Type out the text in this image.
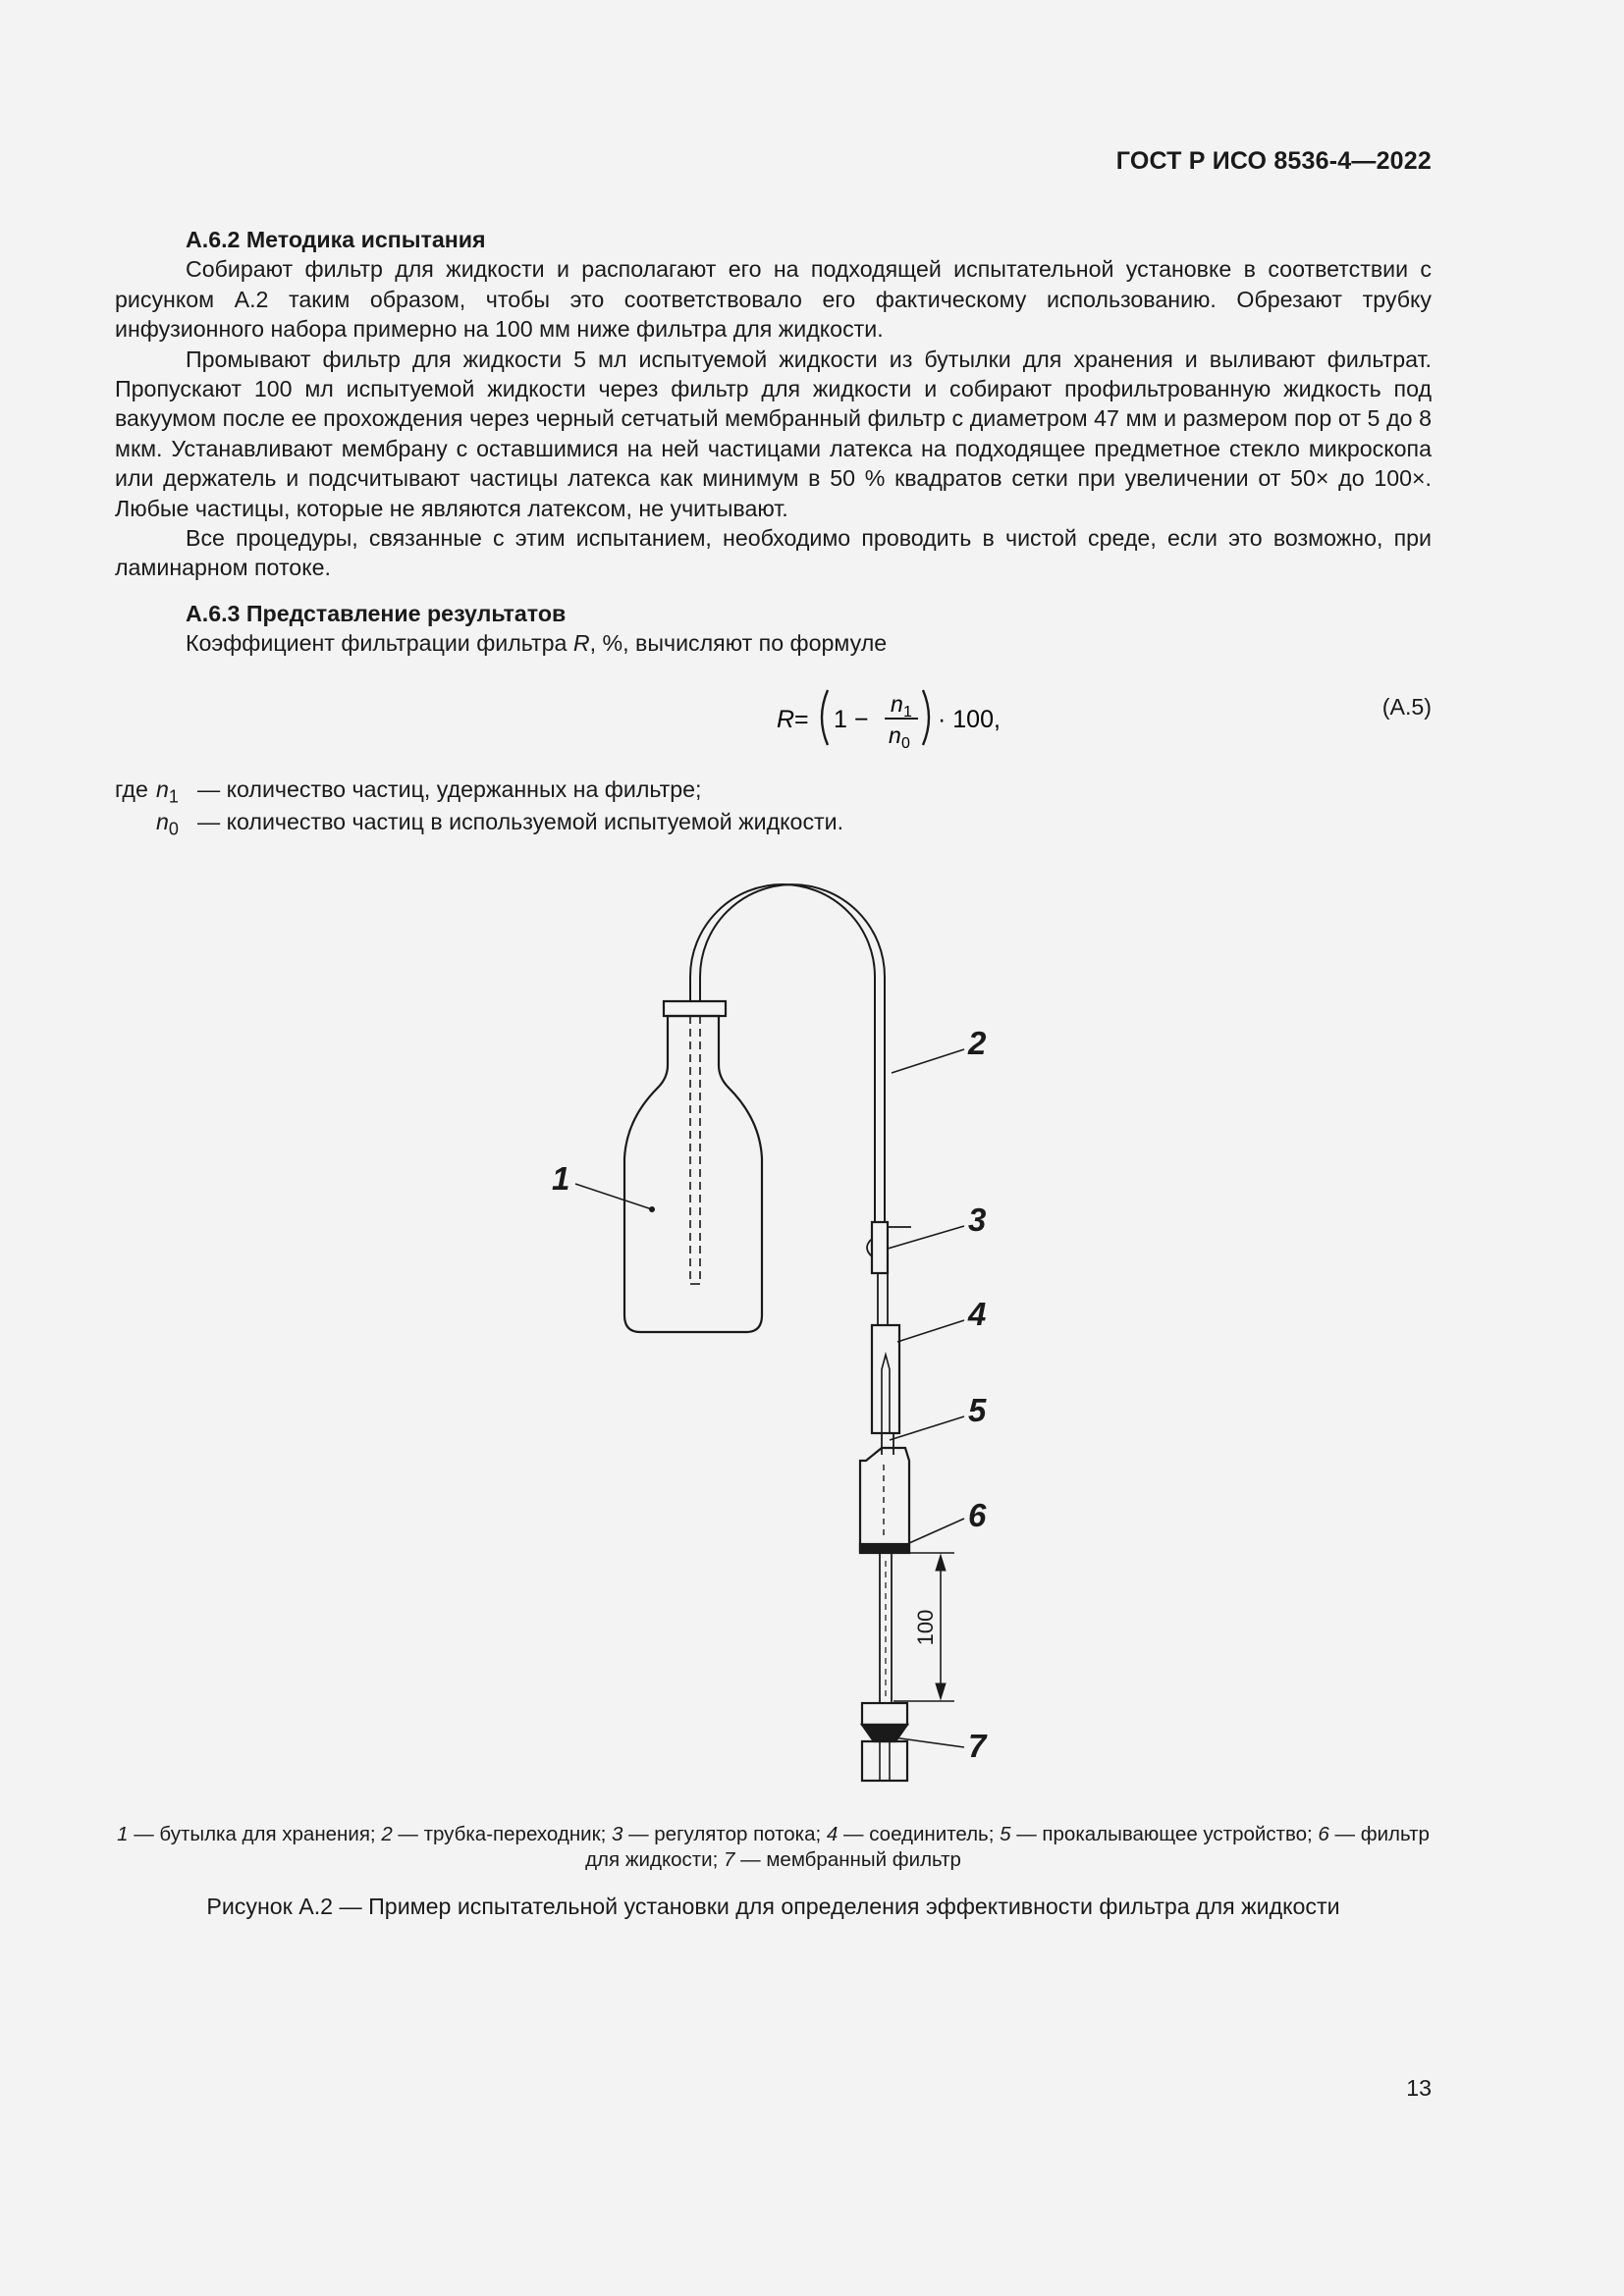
ГОСТ Р ИСО 8536-4—2022
А.6.2 Методика испытания

Собирают фильтр для жидкости и располагают его на подходящей испытательной установке в соответствии с рисунком А.2 таким образом, чтобы это соответствовало его фактическому использованию. Обрезают трубку инфузионного набора примерно на 100 мм ниже фильтра для жидкости.

Промывают фильтр для жидкости 5 мл испытуемой жидкости из бутылки для хранения и выливают фильтрат. Пропускают 100 мл испытуемой жидкости через фильтр для жидкости и собирают профильтрованную жидкость под вакуумом после ее прохождения через черный сетчатый мембранный фильтр с диаметром 47 мм и размером пор от 5 до 8 мкм. Устанавливают мембрану с оставшимися на ней частицами латекса на подходящее предметное стекло микроскопа или держатель и подсчитывают частицы латекса как минимум в 50 % квадратов сетки при увеличении от 50× до 100×. Любые частицы, которые не являются латексом, не учитывают.

Все процедуры, связанные с этим испытанием, необходимо проводить в чистой среде, если это возможно, при ламинарном потоке.

А.6.3 Представление результатов

Коэффициент фильтрации фильтра R, %, вычисляют по формуле

R = 1 −
n 1
n 0
· 100,	(А.5)
где $n_1$ — количество частиц, удержанных на фильтре;
$n_0$ — количество частиц в используемой испытуемой жидкости.
1
2
3
4
5
6
7
100
1 — бутылка для хранения; 2 — трубка-переходник; 3 — регулятор потока; 4 — соединитель; 5 — прокалывающее устройство; 6 — фильтр для жидкости; 7 — мембранный фильтр
Рисунок А.2 — Пример испытательной установки для определения эффективности фильтра для жидкости
13
